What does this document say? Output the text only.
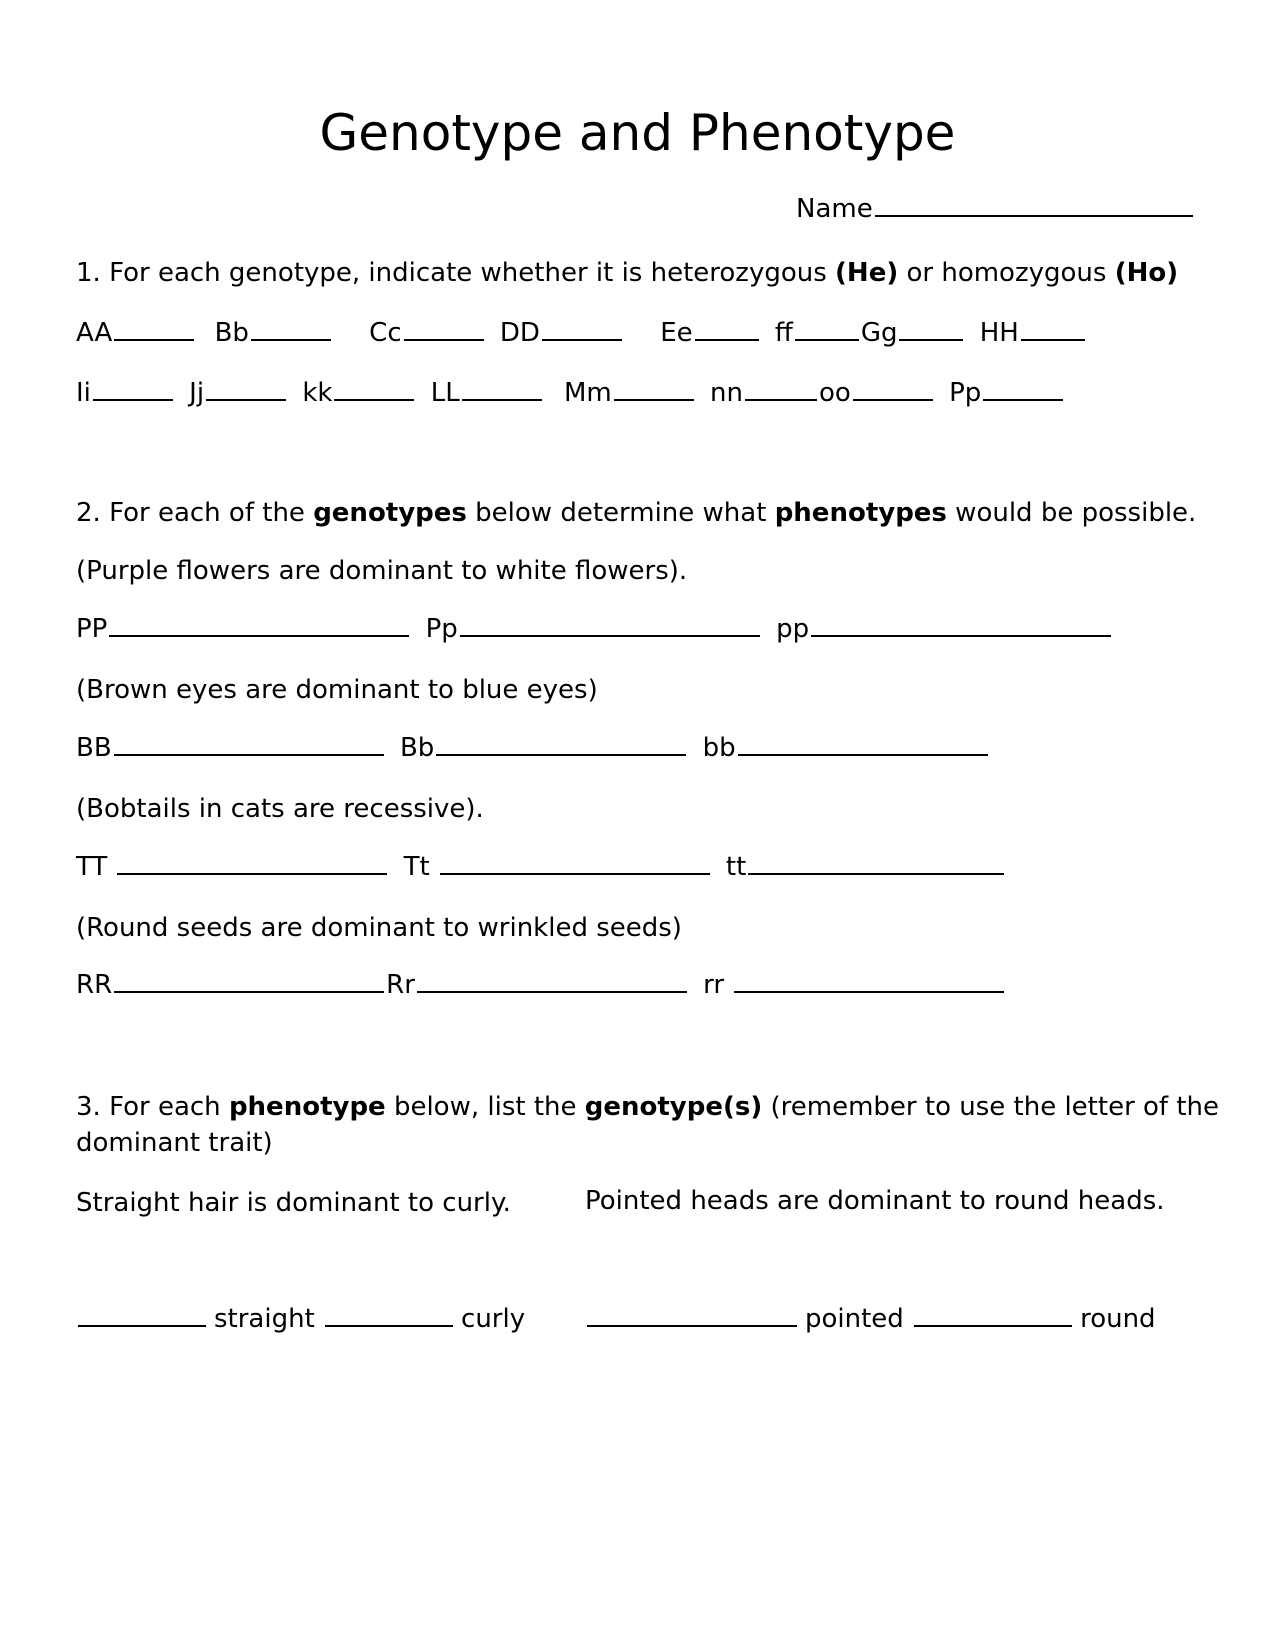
Genotype and Phenotype
Name
1. For each genotype, indicate whether it is heterozygous (He) or homozygous (Ho)
AA	Bb	Cc	DD	Ee	ff	Gg	HH
Ii	Jj	kk	LL	Mm	nn	oo	Pp
2. For each of the genotypes below determine what phenotypes would be possible.
(Purple flowers are dominant to white flowers).
PP	Pp	pp
(Brown eyes are dominant to blue eyes)
BB	Bb	bb
(Bobtails in cats are recessive).
TT	Tt	tt
(Round seeds are dominant to wrinkled seeds)
RR	Rr	rr
3. For each phenotype below, list the genotype(s) (remember to use the letter of the
dominant trait)
Straight hair is dominant to curly.	Pointed heads are dominant to round heads.
straight	curly	pointed	round
